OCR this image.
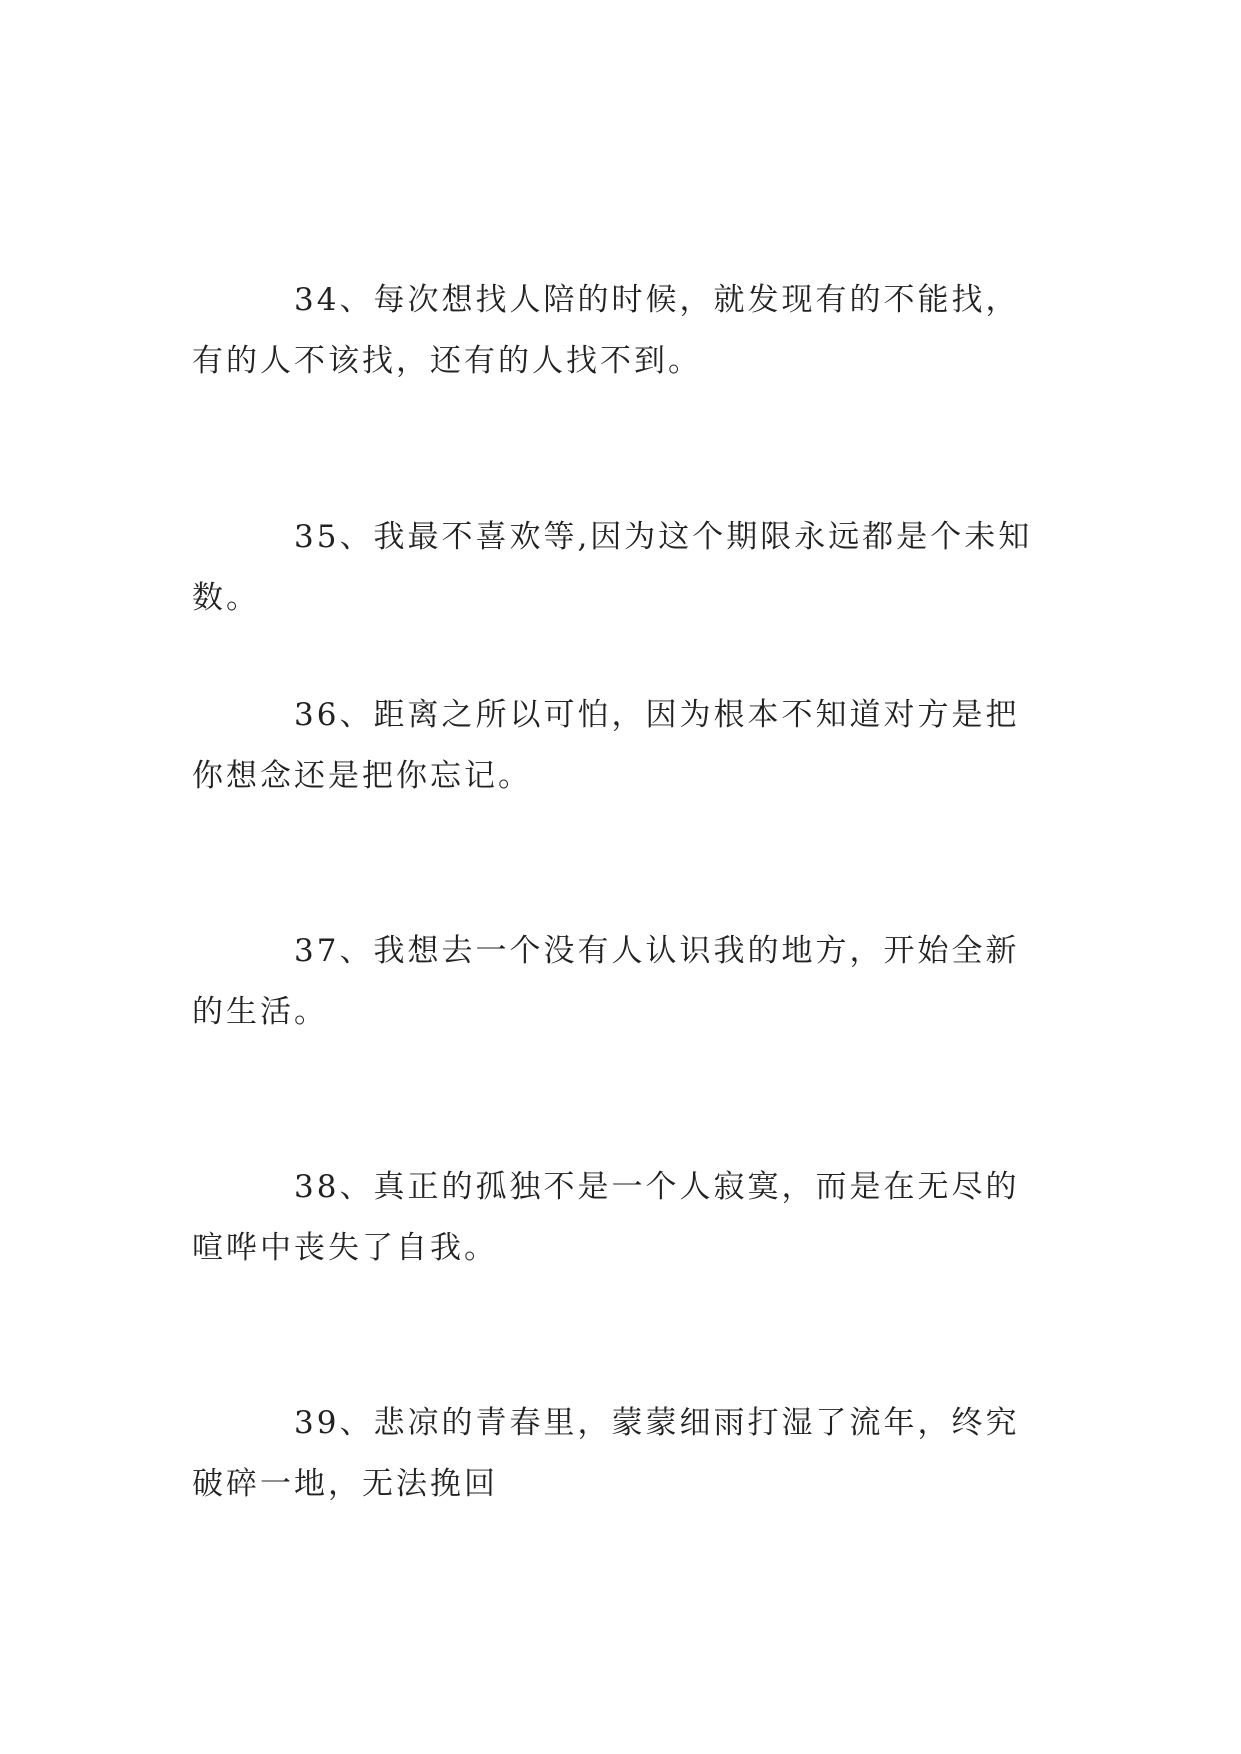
34、每次想找人陪的时候，就发现有的不能找，有的人不该找，还有的人找不到。

35、我最不喜欢等,因为这个期限永远都是个未知数。

36、距离之所以可怕，因为根本不知道对方是把你想念还是把你忘记。

37、我想去一个没有人认识我的地方，开始全新的生活。

38、真正的孤独不是一个人寂寞，而是在无尽的喧哗中丧失了自我。

39、悲凉的青春里，蒙蒙细雨打湿了流年，终究破碎一地，无法挽回
